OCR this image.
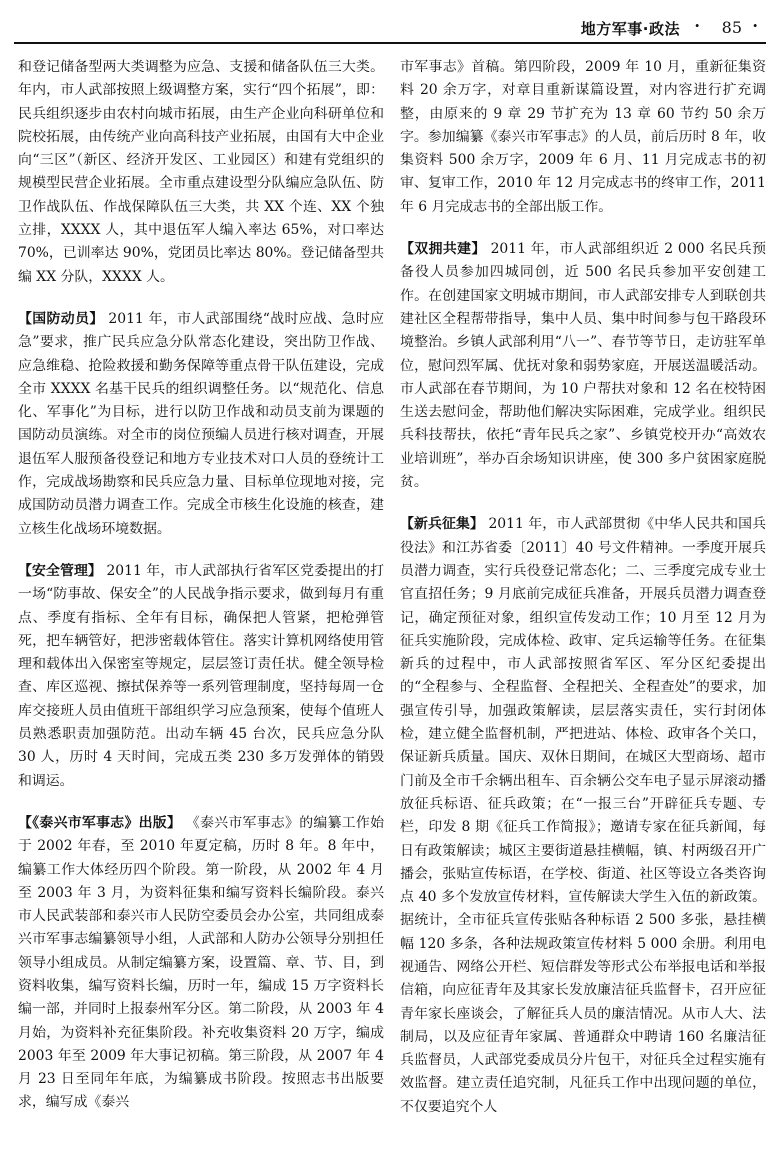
地方军事·政法 · 85 ·

和登记储备型两大类调整为应急、支援和储备队伍三大类。年内，市人武部按照上级调整方案，实行“四个拓展”，即：民兵组织逐步由农村向城市拓展，由生产企业向科研单位和院校拓展，由传统产业向高科技产业拓展，由国有大中企业向“三区”（新区、经济开发区、工业园区）和建有党组织的规模型民营企业拓展。全市重点建设型分队编应急队伍、防卫作战队伍、作战保障队伍三大类，共 XX 个连、XX 个独立排，XXXX 人，其中退伍军人编入率达 65%，对口率达 70%，已训率达 90%，党团员比率达 80%。登记储备型共编 XX 分队，XXXX 人。

【国防动员】 2011 年，市人武部围绕“战时应战、急时应急”要求，推广民兵应急分队常态化建设，突出防卫作战、应急维稳、抢险救援和勤务保障等重点骨干队伍建设，完成全市 XXXX 名基干民兵的组织调整任务。以“规范化、信息化、军事化”为目标，进行以防卫作战和动员支前为课题的国防动员演练。对全市的岗位预编人员进行核对调查，开展退伍军人服预备役登记和地方专业技术对口人员的登统计工作，完成战场勘察和民兵应急力量、目标单位现地对接，完成国防动员潜力调查工作。完成全市核生化设施的核查，建立核生化战场环境数据。

【安全管理】 2011 年，市人武部执行省军区党委提出的打一场“防事故、保安全”的人民战争指示要求，做到每月有重点、季度有指标、全年有目标，确保把人管紧，把枪弹管死，把车辆管好，把涉密载体管住。落实计算机网络使用管理和载体出入保密室等规定，层层签订责任状。健全领导检查、库区巡视、擦拭保养等一系列管理制度，坚持每周一仓库交接班人员由值班干部组织学习应急预案，使每个值班人员熟悉职责加强防范。出动车辆 45 台次，民兵应急分队 30 人，历时 4 天时间，完成五类 230 多万发弹体的销毁和调运。

【《泰兴市军事志》出版】 《泰兴市军事志》的编纂工作始于 2002 年春，至 2010 年夏定稿，历时 8 年。8 年中，编纂工作大体经历四个阶段。第一阶段，从 2002 年 4 月至 2003 年 3 月，为资料征集和编写资料长编阶段。泰兴市人民武装部和泰兴市人民防空委员会办公室，共同组成泰兴市军事志编纂领导小组，人武部和人防办公领导分别担任领导小组成员。从制定编纂方案，设置篇、章、节、目，到资料收集，编写资料长编，历时一年，编成 15 万字资料长编一部，并同时上报泰州军分区。第二阶段，从 2003 年 4 月始，为资料补充征集阶段。补充收集资料 20 万字，编成 2003 年至 2009 年大事记初稿。第三阶段，从 2007 年 4 月 23 日至同年年底，为编纂成书阶段。按照志书出版要求，编写成《泰兴

市军事志》首稿。第四阶段，2009 年 10 月，重新征集资料 20 余万字，对章目重新谋篇设置，对内容进行扩充调整，由原来的 9 章 29 节扩充为 13 章 60 节约 50 余万字。参加编纂《泰兴市军事志》的人员，前后历时 8 年，收集资料 500 余万字，2009 年 6 月、11 月完成志书的初审、复审工作，2010 年 12 月完成志书的终审工作，2011 年 6 月完成志书的全部出版工作。

【双拥共建】 2011 年，市人武部组织近 2 000 名民兵预备役人员参加四城同创，近 500 名民兵参加平安创建工作。在创建国家文明城市期间，市人武部安排专人到联创共建社区全程帮带指导，集中人员、集中时间参与包干路段环境整治。乡镇人武部利用“八一”、春节等节日，走访驻军单位，慰问烈军属、优抚对象和弱势家庭，开展送温暖活动。市人武部在春节期间，为 10 户帮扶对象和 12 名在校特困生送去慰问金，帮助他们解决实际困难，完成学业。组织民兵科技帮扶，依托“青年民兵之家”、乡镇党校开办“高效农业培训班”，举办百余场知识讲座，使 300 多户贫困家庭脱贫。

【新兵征集】 2011 年，市人武部贯彻《中华人民共和国兵役法》和江苏省委〔2011〕40 号文件精神。一季度开展兵员潜力调查，实行兵役登记常态化；二、三季度完成专业士官直招任务；9 月底前完成征兵准备，开展兵员潜力调查登记，确定预征对象，组织宣传发动工作；10 月至 12 月为征兵实施阶段，完成体检、政审、定兵运输等任务。在征集新兵的过程中，市人武部按照省军区、军分区纪委提出的“全程参与、全程监督、全程把关、全程查处”的要求，加强宣传引导，加强政策解读，层层落实责任，实行封闭体检，建立健全监督机制，严把进站、体检、政审各个关口，保证新兵质量。国庆、双休日期间，在城区大型商场、超市门前及全市千余辆出租车、百余辆公交车电子显示屏滚动播放征兵标语、征兵政策；在“一报三台”开辟征兵专题、专栏，印发 8 期《征兵工作简报》；邀请专家在征兵新闻，每日有政策解读；城区主要街道悬挂横幅，镇、村两级召开广播会，张贴宣传标语，在学校、街道、社区等设立各类咨询点 40 多个发放宣传材料，宣传解读大学生入伍的新政策。据统计，全市征兵宣传张贴各种标语 2 500 多张，悬挂横幅 120 多条，各种法规政策宣传材料 5 000 余册。利用电视通告、网络公开栏、短信群发等形式公布举报电话和举报信箱，向应征青年及其家长发放廉洁征兵监督卡，召开应征青年家长座谈会，了解征兵人员的廉洁情况。从市人大、法制局，以及应征青年家属、普通群众中聘请 160 名廉洁征兵监督员，人武部党委成员分片包干，对征兵全过程实施有效监督。建立责任追究制，凡征兵工作中出现问题的单位，不仅要追究个人
